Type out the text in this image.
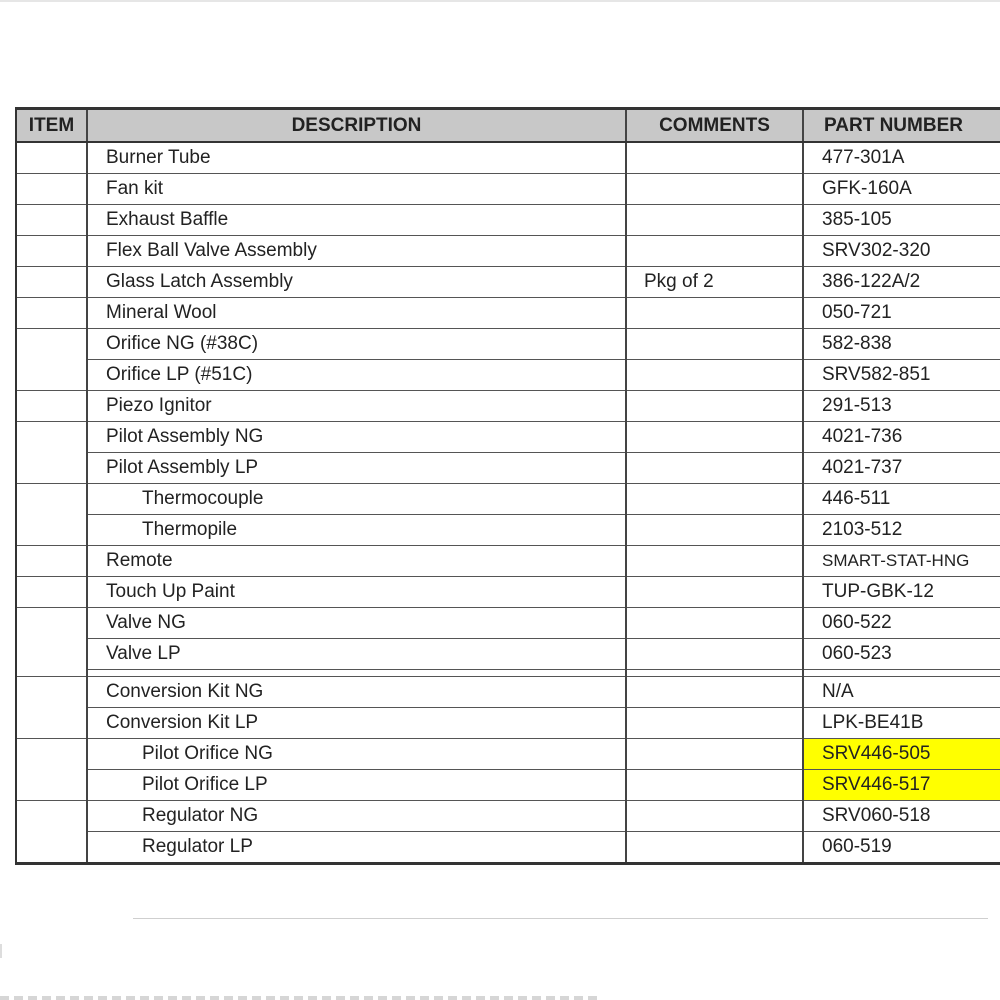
ITEM	DESCRIPTION	COMMENTS	PART NUMBER
	Burner Tube		477-301A
	Fan kit		GFK-160A
	Exhaust Baffle		385-105
	Flex Ball Valve Assembly		SRV302-320
	Glass Latch Assembly	Pkg of 2	386-122A/2
	Mineral Wool		050-721
	Orifice NG (#38C)		582-838
	Orifice LP (#51C)		SRV582-851
	Piezo Ignitor		291-513
	Pilot Assembly NG		4021-736
	Pilot Assembly LP		4021-737
	Thermocouple		446-511
	Thermopile		2103-512
	Remote		SMART-STAT-HNG
	Touch Up Paint		TUP-GBK-12
	Valve NG		060-522
	Valve LP		060-523

	Conversion Kit NG		N/A
	Conversion Kit LP		LPK-BE41B
	Pilot Orifice NG		SRV446-505
	Pilot Orifice LP		SRV446-517
	Regulator NG		SRV060-518
	Regulator LP		060-519
